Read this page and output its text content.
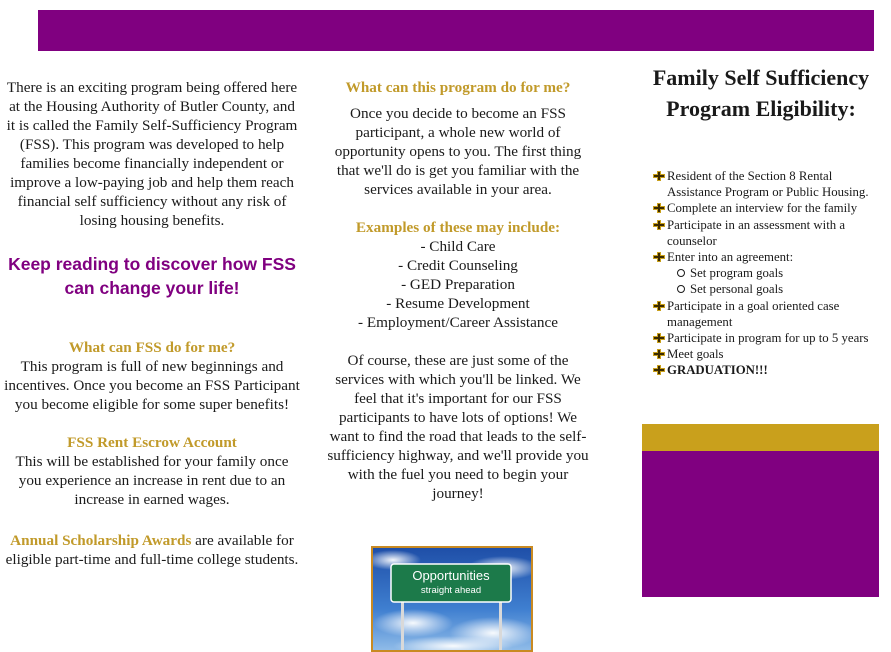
There is an exciting program being offered here at the Housing Authority of Butler County, and it is called the Family Self-Sufficiency Program (FSS). This program was developed to help families become financially independent or improve a low-paying job and help them reach financial self sufficiency without any risk of losing housing benefits.
Keep reading to discover how FSS can change your life!
What can FSS do for me?
This program is full of new beginnings and incentives. Once you become an FSS Participant you become eligible for some super benefits!
FSS Rent Escrow Account
This will be established for your family once you experience an increase in rent due to an increase in earned wages.
Annual Scholarship Awards are available for eligible part-time and full-time college students.
What can this program do for me?
Once you decide to become an FSS participant, a whole new world of opportunity opens to you. The first thing that we'll do is get you familiar with the services available in your area.
Examples of these may include:
- Child Care
- Credit Counseling
- GED Preparation
- Resume Development
- Employment/Career Assistance
Of course, these are just some of the services with which you'll be linked. We feel that it's important for our FSS participants to have lots of options! We want to find the road that leads to the self-sufficiency highway, and we'll provide you with the fuel you need to begin your journey!
Opportunities
straight ahead
Family Self Sufficiency Program Eligibility:
Resident of the Section 8 Rental Assistance Program or Public Housing.
Complete an interview for the family
Participate in an assessment with a counselor
Enter into an agreement:
Set program goals
Set personal goals
Participate in a goal oriented case management
Participate in program for up to 5 years
Meet goals
GRADUATION!!!
